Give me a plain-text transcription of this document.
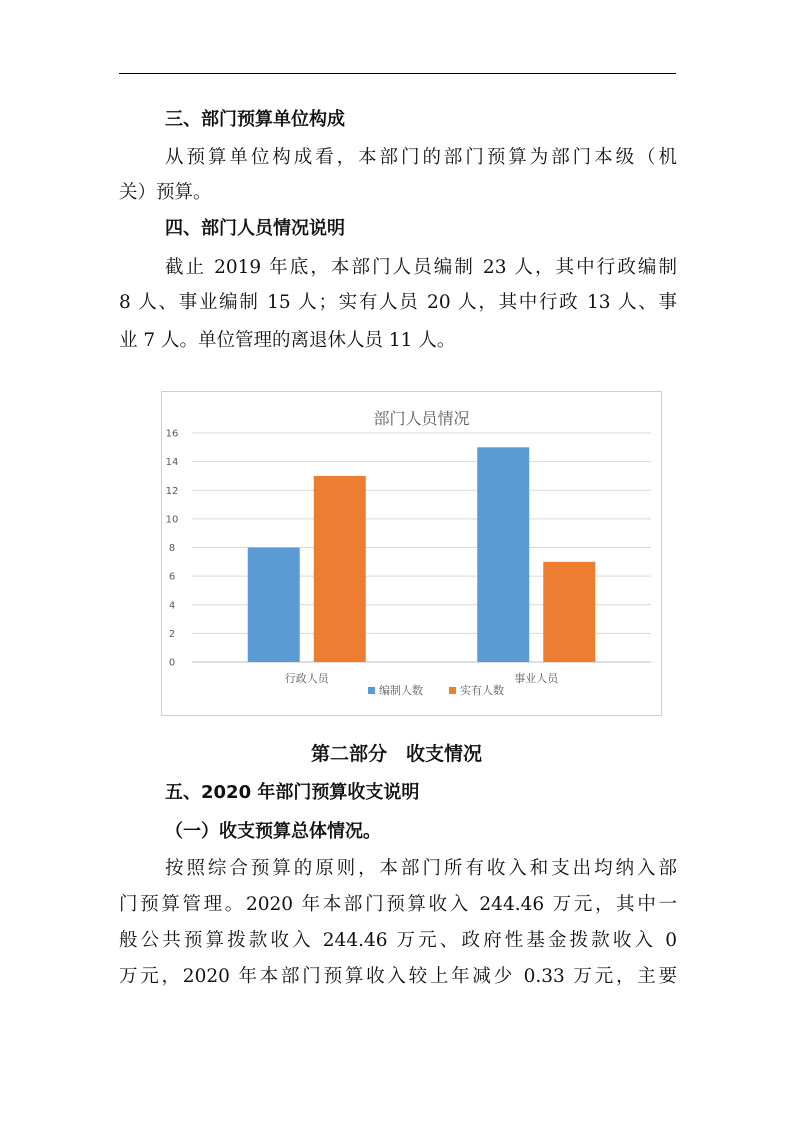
三、部门预算单位构成
从预算单位构成看，本部门的部门预算为部门本级（机
关）预算。
四、部门人员情况说明
截止 2019 年底，本部门人员编制 23 人，其中行政编制
8 人、事业编制 15 人；实有人员 20 人，其中行政 13 人、事
业 7 人。单位管理的离退休人员 11 人。
部门人员情况
0
2
4
6
8
10
12
14
16
行政人员	事业人员
编制人数	实有人数
第二部分　收支情况
五、2020 年部门预算收支说明
（一）收支预算总体情况。
按照综合预算的原则，本部门所有收入和支出均纳入部
门预算管理。2020 年本部门预算收入 244.46 万元，其中一
般公共预算拨款收入 244.46 万元、政府性基金拨款收入 0
万元，2020 年本部门预算收入较上年减少 0.33 万元，主要
